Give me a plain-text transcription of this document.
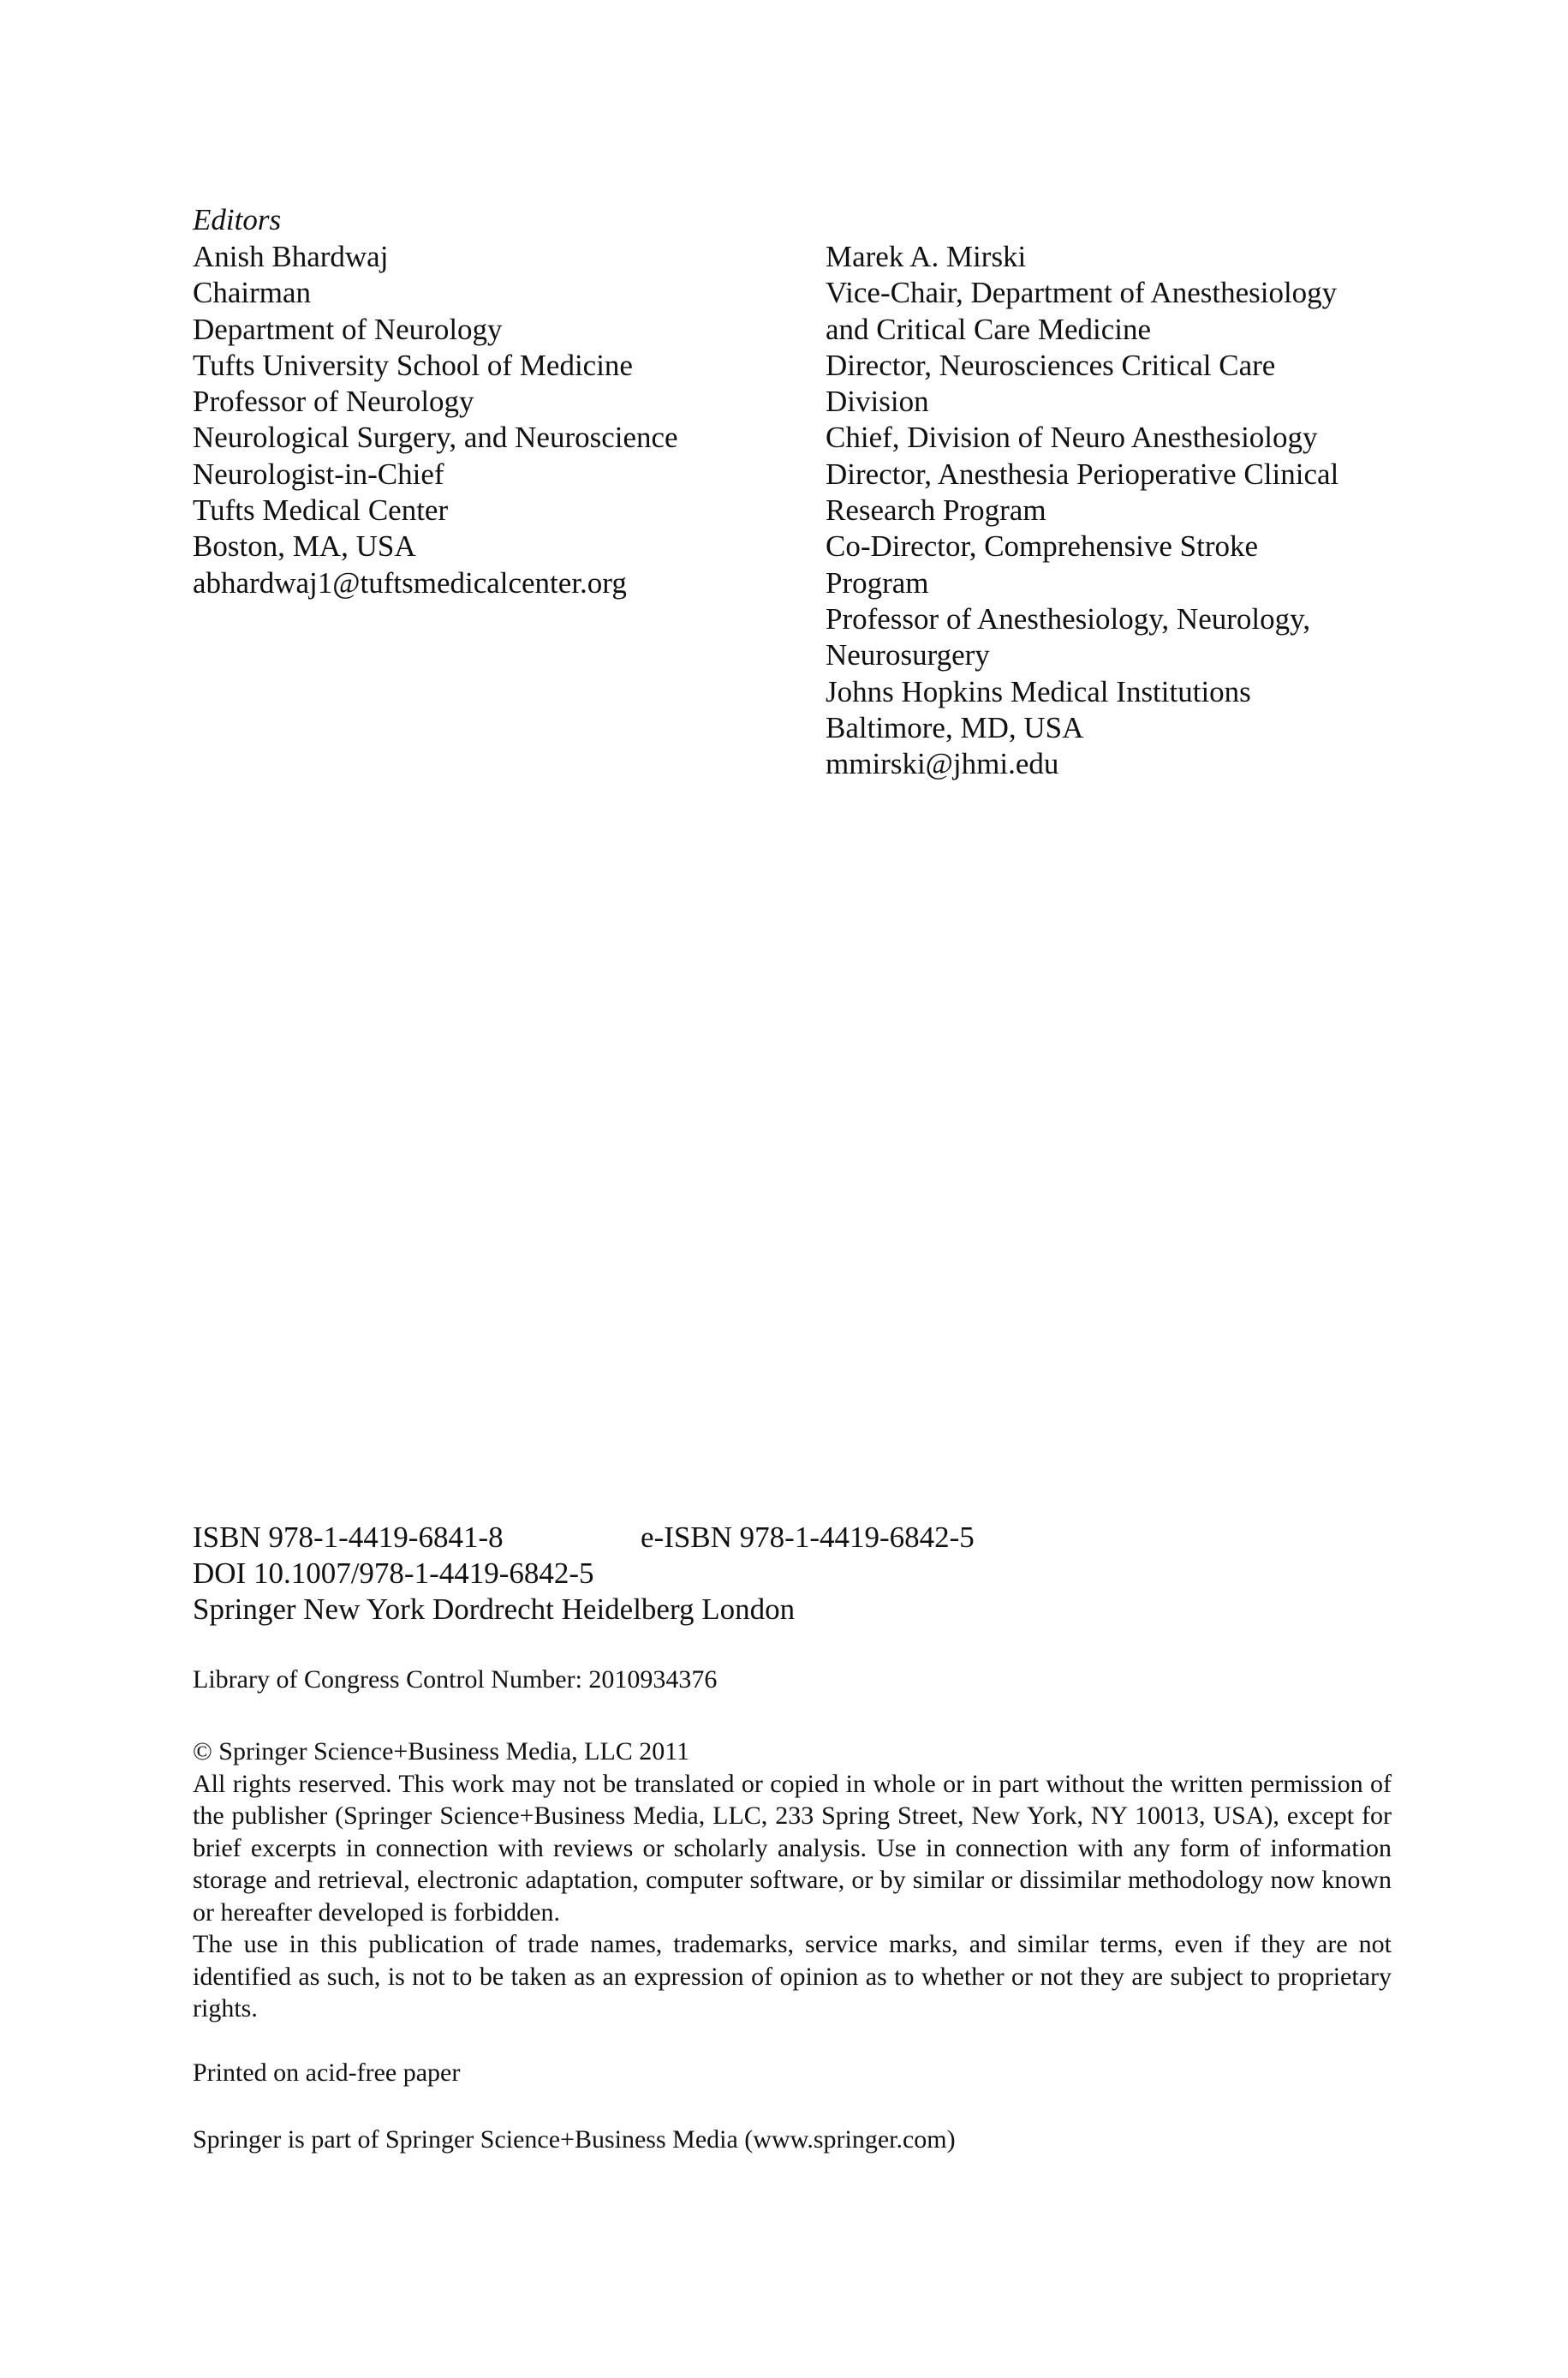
Editors
Anish Bhardwaj
Chairman
Department of Neurology
Tufts University School of Medicine
Professor of Neurology
Neurological Surgery, and Neuroscience
Neurologist-in-Chief
Tufts Medical Center
Boston, MA, USA
abhardwaj1@tuftsmedicalcenter.org
Marek A. Mirski
Vice-Chair, Department of Anesthesiology
and Critical Care Medicine
Director, Neurosciences Critical Care
Division
Chief, Division of Neuro Anesthesiology
Director, Anesthesia Perioperative Clinical
Research Program
Co-Director, Comprehensive Stroke
Program
Professor of Anesthesiology, Neurology,
Neurosurgery
Johns Hopkins Medical Institutions
Baltimore, MD, USA
mmirski@jhmi.edu
ISBN 978-1-4419-6841-8	e-ISBN 978-1-4419-6842-5
DOI 10.1007/978-1-4419-6842-5
Springer New York Dordrecht Heidelberg London
Library of Congress Control Number: 2010934376
© Springer Science+Business Media, LLC 2011
All rights reserved. This work may not be translated or copied in whole or in part without the written permission of the publisher (Springer Science+Business Media, LLC, 233 Spring Street, New York, NY 10013, USA), except for brief excerpts in connection with reviews or scholarly analysis. Use in connection with any form of information storage and retrieval, electronic adaptation, computer software, or by similar or dissimilar methodology now known or hereafter developed is forbidden.
The use in this publication of trade names, trademarks, service marks, and similar terms, even if they are not identified as such, is not to be taken as an expression of opinion as to whether or not they are subject to proprietary rights.
Printed on acid-free paper
Springer is part of Springer Science+Business Media (www.springer.com)
